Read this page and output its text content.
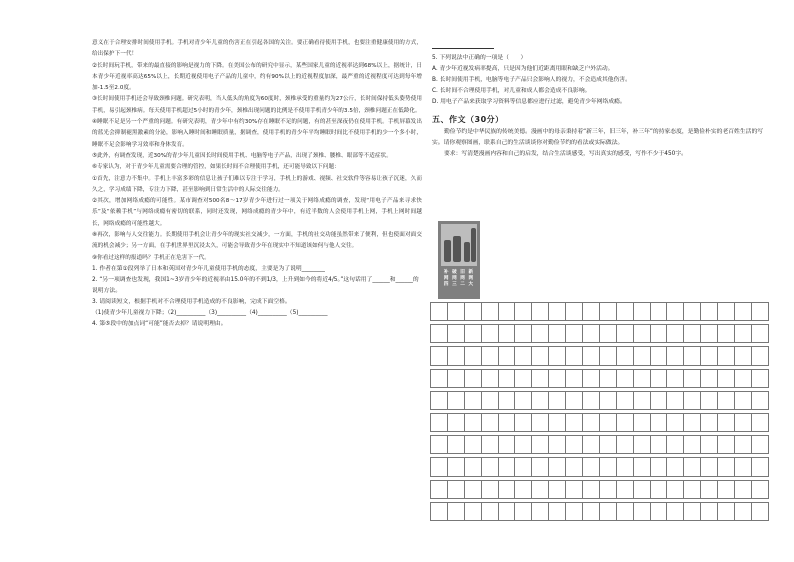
意义在于合理安排时间使用手机。手机对青少年儿童的伤害正在引起各国的关注。要正确看待使用手机，也要注重健康使用的方式，给出保护下一代！

②长时间玩手机，带来的最直接的影响是视力的下降。在美国公布的研究中显示，某些国家儿童的近视率达到68%以上，据统计，日本青少年近视率高达65%以上，长期近视使用电子产品的儿童中，约有90%以上的近视程度加深，最严重的近视程度可达到每年增加-1.5至2.0度。

③长时间使用手机还会导致颈椎问题。研究表明，当人低头的角度为60度时，颈椎承受的重量约为27公斤，长时间保持低头姿势使用手机，易引起颈椎病。每天使用手机超过5小时的青少年，颈椎出现问题的比例是不使用手机青少年的3.5倍，颈椎问题正在低龄化。

④睡眠不足是另一个严重的问题。有研究表明，青少年中有约30%存在睡眠不足的问题，有的甚至深夜仍在使用手机。手机屏幕发出的蓝光会抑制褪黑激素的分泌，影响入睡时间和睡眠质量，据调查，使用手机的青少年平均睡眠时间比不使用手机的少一个多小时，睡眠不足会影响学习效率和身体发育。

⑤此外，有调查发现，近30%的青少年儿童因长时间使用手机、电脑等电子产品，出现了颈椎、腰椎、眼部等不适症状。

⑥专家认为，对于青少年儿童需要合理的管控，如果长时间不合理使用手机，还可能导致以下问题：

①首先，注意力不集中。手机上丰富多彩的信息让孩子们难以专注于学习，手机上的游戏、视频、社交软件等容易让孩子沉迷，久而久之，学习成绩下降，专注力下降，甚至影响到日常生活中的人际交往能力。

②其次，增加网络成瘾的可能性。某市调查对500名8～17岁青少年进行过一项关于网络成瘾的调查，发现“用电子产品来寻求快乐”及“依赖手机”与网络成瘾有密切的联系，同时还发现，网络成瘾的青少年中，有近半数的人会使用手机上网，手机上网时间越长，网络成瘾的可能性越大。

⑧再次，影响与人交往能力。长期使用手机会让青少年的现实社交减少，一方面，手机的社交功能虽然带来了便利，但也使面对面交流的机会减少；另一方面，在手机世界里沉浸太久，可能会导致青少年在现实中不知道该如何与他人交往。

⑨你看过这样的报道吗？手机正在危害下一代。

1. 作者在第①段列举了日本和英国对青少年儿童使用手机的态度，主要是为了说明________

2. “另一项调查也发现，我国1~3岁青少年的近视率由15.0年的不到1/3，上升到如今的将近4/5。”这句话用了______和______的说明方法。

3. 请阅读短文，根据手机对不合理使用手机造成的不良影响，完成下面空格。

（1)使青少年儿童视力下降；（2)__________（3)__________（4)__________（5)__________

4. 第⑤段中的加点词“可能”能否去掉？请说明理由。

5. 下列说法中正确的一项是（　　）

A. 青少年近视发病率提高，只是因为他们近距离用眼和缺乏户外活动。

B. 长时间使用手机，电脑等电子产品只会影响人的视力，不会造成其他伤害。

C. 长时间不合理使用手机，对儿童和成人都会造成不良影响。

D. 用电子产品来获取学习资料等信息都应进行过滤，避免青少年网络成瘾。

五、作文（30分）

勤俭节约是中华民族的传统美德。漫画中的母亲秉持着“新三年，旧三年，补三年”的持家态度，是勤俭朴实的老百姓生活的写实。请你观察图画，联系自己的生活谈谈你对勤俭节约的看法或实际做法。

要求：写清楚漫画内容和自己的启发，结合生活谈感受，写出真实的感受，写作不少于450字。

补 破 旧 新 网 网 网 网 四 三 二 大
